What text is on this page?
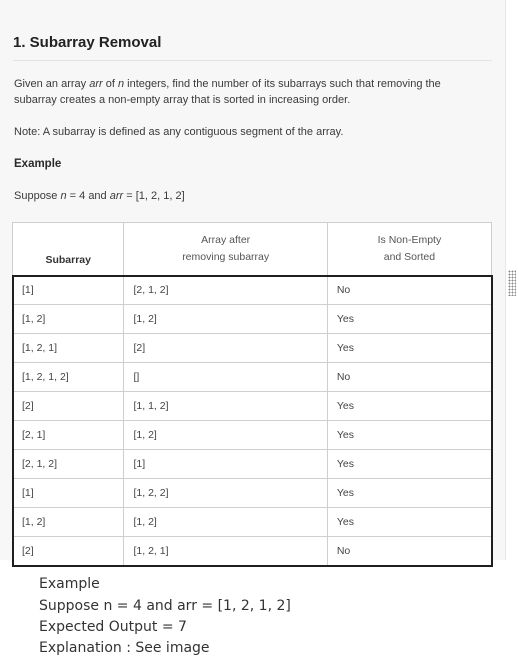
1. Subarray Removal
Given an array arr of n integers, find the number of its subarrays such that removing the subarray creates a non-empty array that is sorted in increasing order.
Note: A subarray is defined as any contiguous segment of the array.
Example
Suppose n = 4 and arr = [1, 2, 1, 2]
Subarray	Array after
removing subarray	Is Non-Empty
and Sorted
[1]	[2, 1, 2]	No
[1, 2]	[1, 2]	Yes
[1, 2, 1]	[2]	Yes
[1, 2, 1, 2]	[]	No
[2]	[1, 1, 2]	Yes
[2, 1]	[1, 2]	Yes
[2, 1, 2]	[1]	Yes
[1]	[1, 2, 2]	Yes
[1, 2]	[1, 2]	Yes
[2]	[1, 2, 1]	No
Example
Suppose n = 4 and arr = [1, 2, 1, 2]
Expected Output = 7
Explanation : See image
